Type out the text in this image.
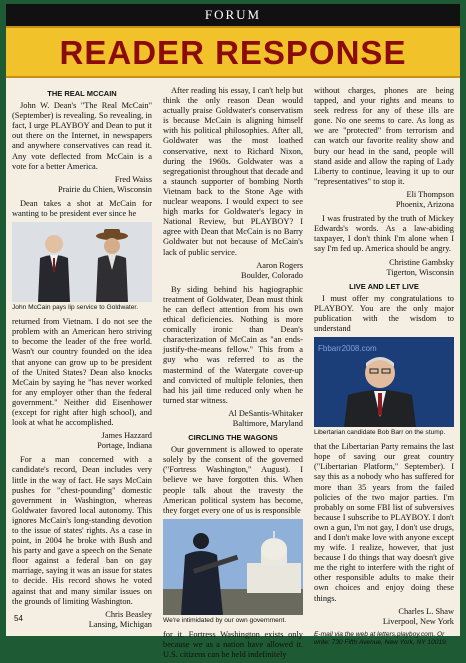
FORUM
READER RESPONSE
THE REAL MCCAIN

John W. Dean's "The Real McCain" (September) is revealing. So revealing, in fact, I urge PLAYBOY and Dean to put it out there on the Internet, in newspapers and anywhere conservatives can read it. Any vote deflected from McCain is a vote for a better America.

Fred Waiss
Prairie du Chien, Wisconsin

Dean takes a shot at McCain for wanting to be president ever since he

John McCain pays lip service to Goldwater.

returned from Vietnam. I do not see the problem with an American hero striving to become the leader of the free world. Wasn't our country founded on the idea that anyone can grow up to be president of the United States? Dean also knocks McCain by saying he "has never worked for any employer other than the federal government." Neither did Eisenhower (except for right after high school), and look at what he accomplished.

James Hazzard
Portage, Indiana

For a man concerned with a candidate's record, Dean includes very little in the way of fact. He says McCain pushes for "chest-pounding" domestic government in Washington, whereas Goldwater favored local autonomy. This ignores McCain's long-standing devotion to the issue of states' rights. As a case in point, in 2004 he broke with Bush and his party and gave a speech on the Senate floor against a federal ban on gay marriage, saying it was an issue for states to decide. His record shows he voted against that and many similar issues on the grounds of limiting Washington.

Chris Beasley
Lansing, Michigan

After reading his essay, I can't help but think the only reason Dean would actually praise Goldwater's conservatism is because McCain is aligning himself with his political philosophies. After all, Goldwater was the most loathed conservative, next to Richard Nixon, during the 1960s. Goldwater was a segregationist throughout that decade and a staunch supporter of bombing North Vietnam back to the Stone Age with nuclear weapons. I would expect to see high marks for Goldwater's legacy in National Review, but PLAYBOY? I agree with Dean that McCain is no Barry Goldwater but not because of McCain's lack of public service.

Aaron Rogers
Boulder, Colorado

By siding behind his hagiographic treatment of Goldwater, Dean must think he can deflect attention from his own ethical deficiencies. Nothing is more comically ironic than Dean's characterization of McCain as "an ends-justify-the-means fellow." This from a guy who was referred to as the mastermind of the Watergate cover-up and convicted of multiple felonies, then had his jail time reduced only when he turned star witness.

Al DeSantis-Whitaker
Baltimore, Maryland
CIRCLING THE WAGONS

Our government is allowed to operate solely by the consent of the governed ("Fortress Washington," August). I believe we have forgotten this. When people talk about the travesty the American political system has become, they forget every one of us is responsible

We're intimidated by our own government.

for it. Fortress Washington exists only because we as a nation have allowed it. U.S. citizens can be held indefinitely

without charges, phones are being tapped, and your rights and means to seek redress for any of these ills are gone. No one seems to care. As long as we are "protected" from terrorism and can watch our favorite reality show and bury our head in the sand, people will stand aside and allow the raping of Lady Liberty to continue, leaving it up to our "representatives" to stop it.

Eli Thompson
Phoenix, Arizona

I was frustrated by the truth of Mickey Edwards's words. As a law-abiding taxpayer, I don't think I'm alone when I say I'm fed up. America should be angry.

Christine Gambsky
Tigerton, Wisconsin
LIVE AND LET LIVE

I must offer my congratulations to PLAYBOY. You are the only major publication with the wisdom to understand

Fbbarr2008.com
Libertarian candidate Bob Barr on the stump.

that the Libertarian Party remains the last hope of saving our great country ("Libertarian Platform," September). I say this as a nobody who has suffered for more than 35 years from the failed policies of the two major parties. I'm probably on some FBI list of subversives because I subscribe to PLAYBOY. I don't own a gun, I'm not gay, I don't use drugs, and I don't make love with anyone except my wife. I realize, however, that just because I do things that way doesn't give me the right to interfere with the right of other responsible adults to make their own choices and enjoy doing these things.

Charles L. Shaw
Liverpool, New York
E-mail via the web at letters.playboy.com. Or write: 730 Fifth Avenue, New York, NY 10019.
54
